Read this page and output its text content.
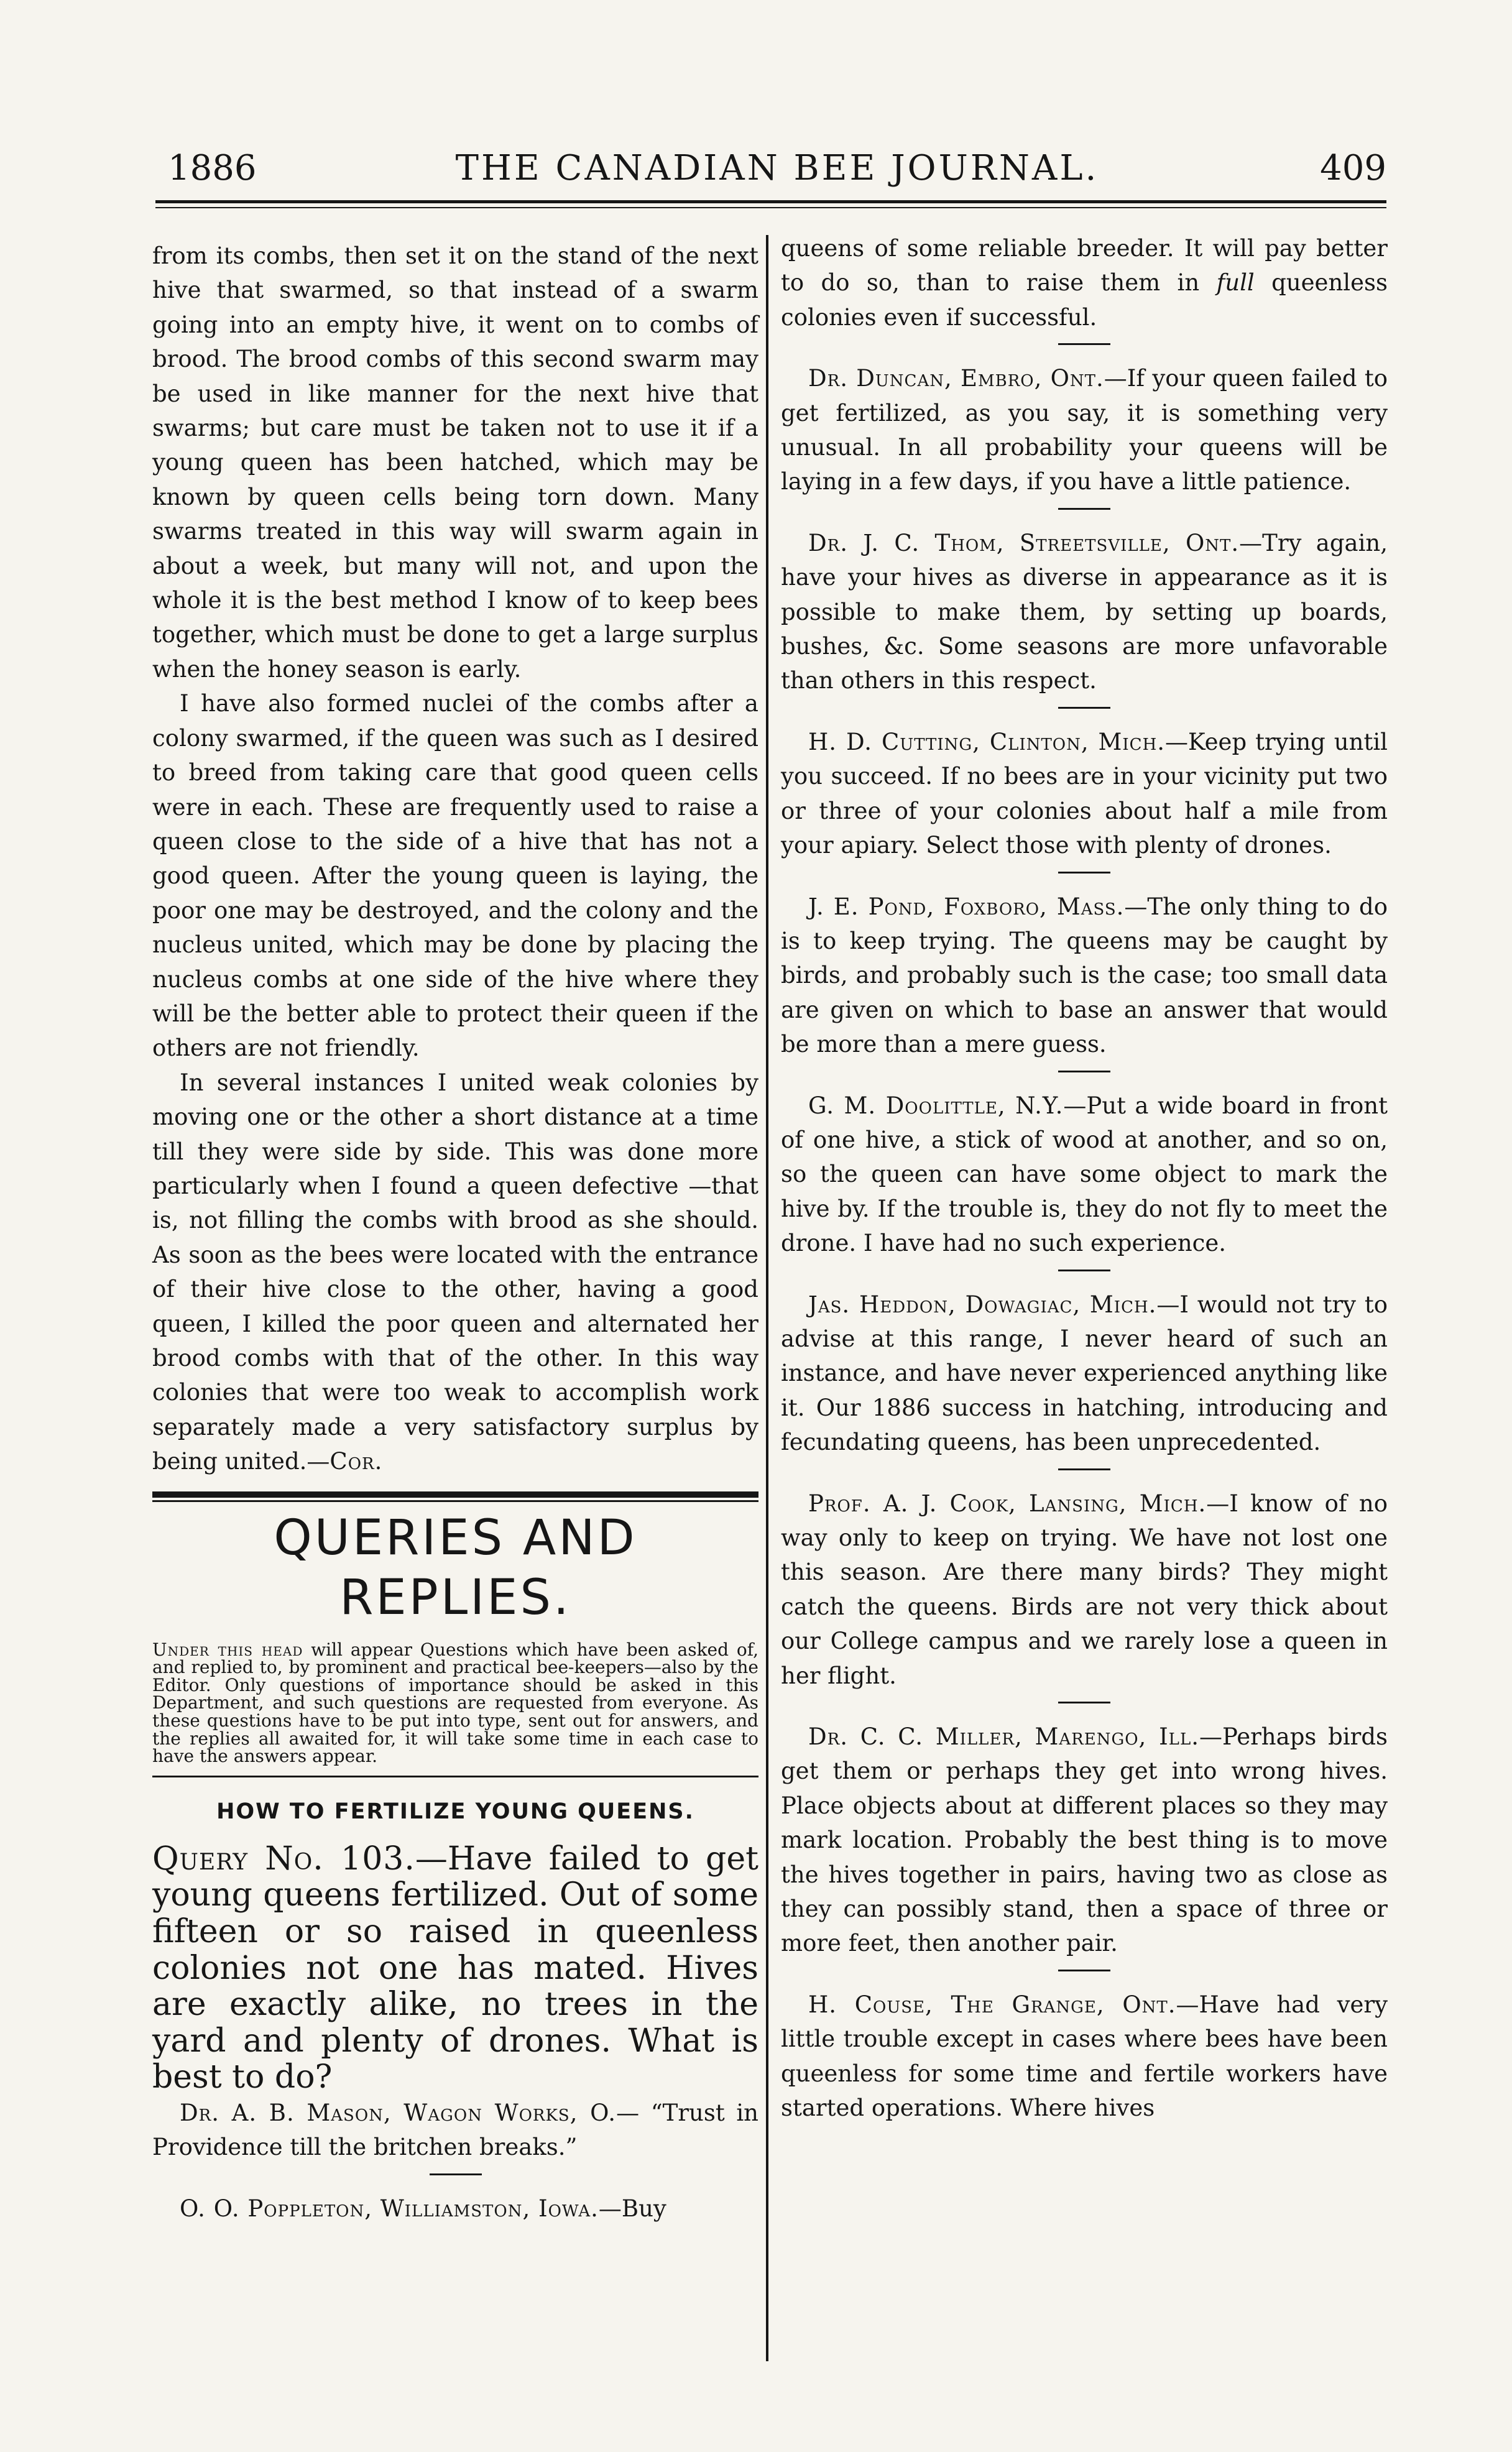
1886	THE CANADIAN BEE JOURNAL.	409

from its combs, then set it on the stand of the next hive that swarmed, so that instead of a swarm going into an empty hive, it went on to combs of brood. The brood combs of this second swarm may be used in like manner for the next hive that swarms; but care must be taken not to use it if a young queen has been hatched, which may be known by queen cells being torn down. Many swarms treated in this way will swarm again in about a week, but many will not, and upon the whole it is the best method I know of to keep bees together, which must be done to get a large surplus when the honey season is early.

I have also formed nuclei of the combs after a colony swarmed, if the queen was such as I desired to breed from taking care that good queen cells were in each. These are frequently used to raise a queen close to the side of a hive that has not a good queen. After the young queen is laying, the poor one may be destroyed, and the colony and the nucleus united, which may be done by placing the nucleus combs at one side of the hive where they will be the better able to protect their queen if the others are not friendly.

In several instances I united weak colonies by moving one or the other a short distance at a time till they were side by side. This was done more particularly when I found a queen defective —that is, not filling the combs with brood as she should. As soon as the bees were located with the entrance of their hive close to the other, having a good queen, I killed the poor queen and alternated her brood combs with that of the other. In this way colonies that were too weak to accomplish work separately made a very satisfactory surplus by being united.—Cor.

QUERIES AND REPLIES.
Under this head will appear Questions which have been asked of, and replied to, by prominent and practical bee-keepers—also by the Editor. Only questions of importance should be asked in this Department, and such questions are requested from everyone. As these questions have to be put into type, sent out for answers, and the replies all awaited for, it will take some time in each case to have the answers appear.
HOW TO FERTILIZE YOUNG QUEENS.

Query No. 103.—Have failed to get young queens fertilized. Out of some fifteen or so raised in queenless colonies not one has mated. Hives are exactly alike, no trees in the yard and plenty of drones. What is best to do?

Dr. A. B. Mason, Wagon Works, O.— “Trust in Providence till the britchen breaks.”

O. O. Poppleton, Williamston, Iowa.—Buy

queens of some reliable breeder. It will pay better to do so, than to raise them in full queenless colonies even if successful.

Dr. Duncan, Embro, Ont.—If your queen failed to get fertilized, as you say, it is something very unusual. In all probability your queens will be laying in a few days, if you have a little patience.

Dr. J. C. Thom, Streetsville, Ont.—Try again, have your hives as diverse in appearance as it is possible to make them, by setting up boards, bushes, &c. Some seasons are more unfavorable than others in this respect.

H. D. Cutting, Clinton, Mich.—Keep trying until you succeed. If no bees are in your vicinity put two or three of your colonies about half a mile from your apiary. Select those with plenty of drones.

J. E. Pond, Foxboro, Mass.—The only thing to do is to keep trying. The queens may be caught by birds, and probably such is the case; too small data are given on which to base an answer that would be more than a mere guess.

G. M. Doolittle, N.Y.—Put a wide board in front of one hive, a stick of wood at another, and so on, so the queen can have some object to mark the hive by. If the trouble is, they do not fly to meet the drone. I have had no such experience.

Jas. Heddon, Dowagiac, Mich.—I would not try to advise at this range, I never heard of such an instance, and have never experienced anything like it. Our 1886 success in hatching, introducing and fecundating queens, has been unprecedented.

Prof. A. J. Cook, Lansing, Mich.—I know of no way only to keep on trying. We have not lost one this season. Are there many birds? They might catch the queens. Birds are not very thick about our College campus and we rarely lose a queen in her flight.

Dr. C. C. Miller, Marengo, Ill.—Perhaps birds get them or perhaps they get into wrong hives. Place objects about at different places so they may mark location. Probably the best thing is to move the hives together in pairs, having two as close as they can possibly stand, then a space of three or more feet, then another pair.

H. Couse, The Grange, Ont.—Have had very little trouble except in cases where bees have been queenless for some time and fertile workers have started operations. Where hives
